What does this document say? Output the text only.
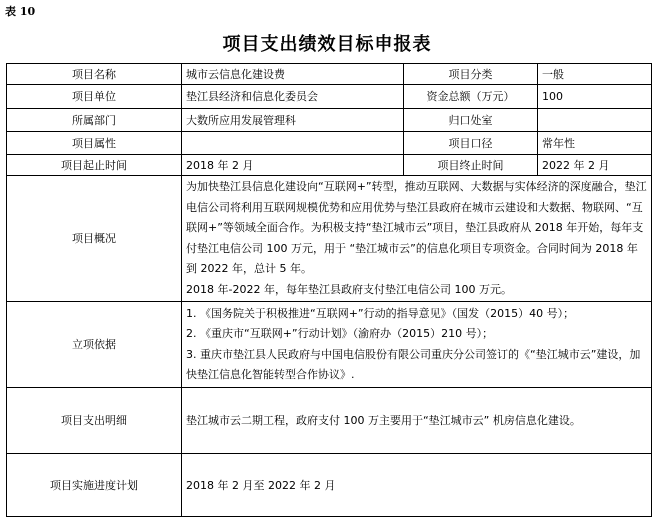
表 10
项目支出绩效目标申报表
项目名称	城市云信息化建设费	项目分类	一般
项目单位	垫江县经济和信息化委员会	资金总额（万元）	100
所属部门	大数所应用发展管理科	归口处室	
项目属性		项目口径	常年性
项目起止时间	2018 年 2 月	项目终止时间	2022 年 2 月
项目概况	为加快垫江县信息化建设向“互联网+”转型，推动互联网、大数据与实体经济的深度融合，垫江电信公司将利用互联网规模优势和应用优势与垫江县政府在城市云建设和大数据、物联网、“互联网+”等领域全面合作。为积极支持“垫江城市云”项目，垫江县政府从 2018 年开始，每年支付垫江电信公司 100 万元，用于 “垫江城市云”的信息化项目专项资金。合同时间为 2018 年到 2022 年，总计 5 年。
2018 年-2022 年，每年垫江县政府支付垫江电信公司 100 万元。		

立项依据	1. 《国务院关于积极推进“互联网+”行动的指导意见》（国发（2015）40 号）；
2. 《重庆市“互联网+”行动计划》（渝府办（2015）210 号）；
3. 重庆市垫江县人民政府与中国电信股份有限公司重庆分公司签订的《“垫江城市云”建设，加快垫江信息化智能转型合作协议》.		

项目支出明细	垫江城市云二期工程，政府支付 100 万主要用于“垫江城市云” 机房信息化建设。		
项目实施进度计划	2018 年 2 月至 2022 年 2 月		
